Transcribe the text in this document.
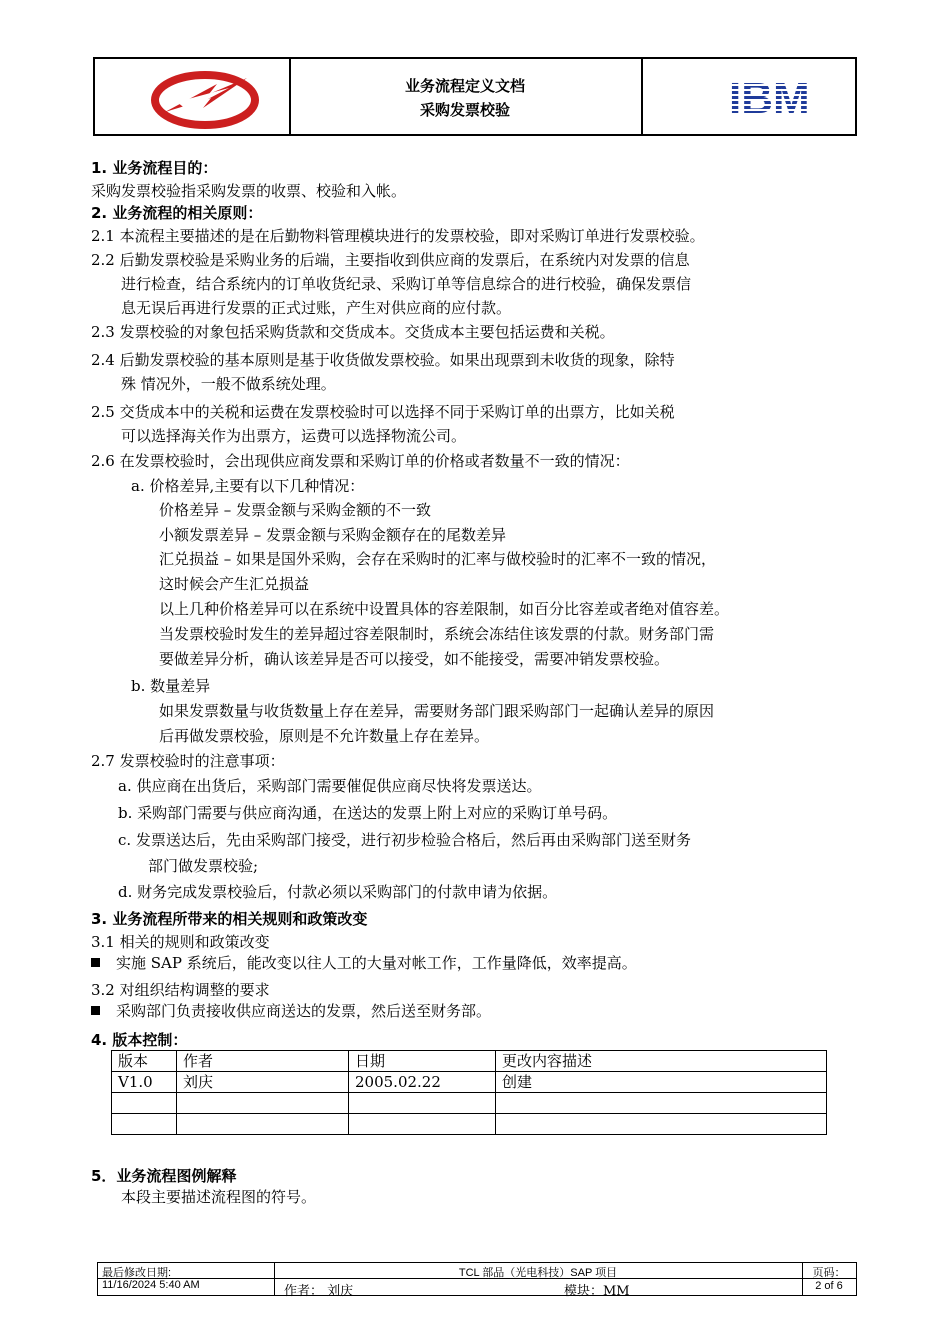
业务流程定义文档
采购发票校验	IBM
1. 业务流程目的：
采购发票校验指采购发票的收票、校验和入帐。
2. 业务流程的相关原则：
2.1 本流程主要描述的是在后勤物料管理模块进行的发票校验，即对采购订单进行发票校验。
2.2 后勤发票校验是采购业务的后端，主要指收到供应商的发票后，在系统内对发票的信息
进行检查，结合系统内的订单收货纪录、采购订单等信息综合的进行校验，确保发票信
息无误后再进行发票的正式过账，产生对供应商的应付款。
2.3 发票校验的对象包括采购货款和交货成本。交货成本主要包括运费和关税。
2.4 后勤发票校验的基本原则是基于收货做发票校验。如果出现票到未收货的现象，除特
殊 情况外，一般不做系统处理。
2.5 交货成本中的关税和运费在发票校验时可以选择不同于采购订单的出票方，比如关税
可以选择海关作为出票方，运费可以选择物流公司。
2.6 在发票校验时，会出现供应商发票和采购订单的价格或者数量不一致的情况：
a. 价格差异,主要有以下几种情况：
价格差异 – 发票金额与采购金额的不一致
小额发票差异 – 发票金额与采购金额存在的尾数差异
汇兑损益 – 如果是国外采购，会存在采购时的汇率与做校验时的汇率不一致的情况，
这时候会产生汇兑损益
以上几种价格差异可以在系统中设置具体的容差限制，如百分比容差或者绝对值容差。
当发票校验时发生的差异超过容差限制时，系统会冻结住该发票的付款。财务部门需
要做差异分析，确认该差异是否可以接受，如不能接受，需要冲销发票校验。
b. 数量差异
如果发票数量与收货数量上存在差异，需要财务部门跟采购部门一起确认差异的原因
后再做发票校验，原则是不允许数量上存在差异。
2.7 发票校验时的注意事项：
a. 供应商在出货后，采购部门需要催促供应商尽快将发票送达。
b. 采购部门需要与供应商沟通，在送达的发票上附上对应的采购订单号码。
c. 发票送达后，先由采购部门接受，进行初步检验合格后，然后再由采购部门送至财务
部门做发票校验;
d. 财务完成发票校验后，付款必须以采购部门的付款申请为依据。
3. 业务流程所带来的相关规则和政策改变
3.1 相关的规则和政策改变
实施 SAP 系统后，能改变以往人工的大量对帐工作，工作量降低，效率提高。
3.2 对组织结构调整的要求
采购部门负责接收供应商送达的发票，然后送至财务部。
4. 版本控制：
版本	作者	日期	更改内容描述
V1.0	刘庆	2005.02.22	创建

5．业务流程图例解释
本段主要描述流程图的符号。
最后修改日期:
11/16/2024 5:40 AM
TCL 部品（光电科技）SAP 项目
作者： 刘庆	模块：MM
页码：
2 of 6
